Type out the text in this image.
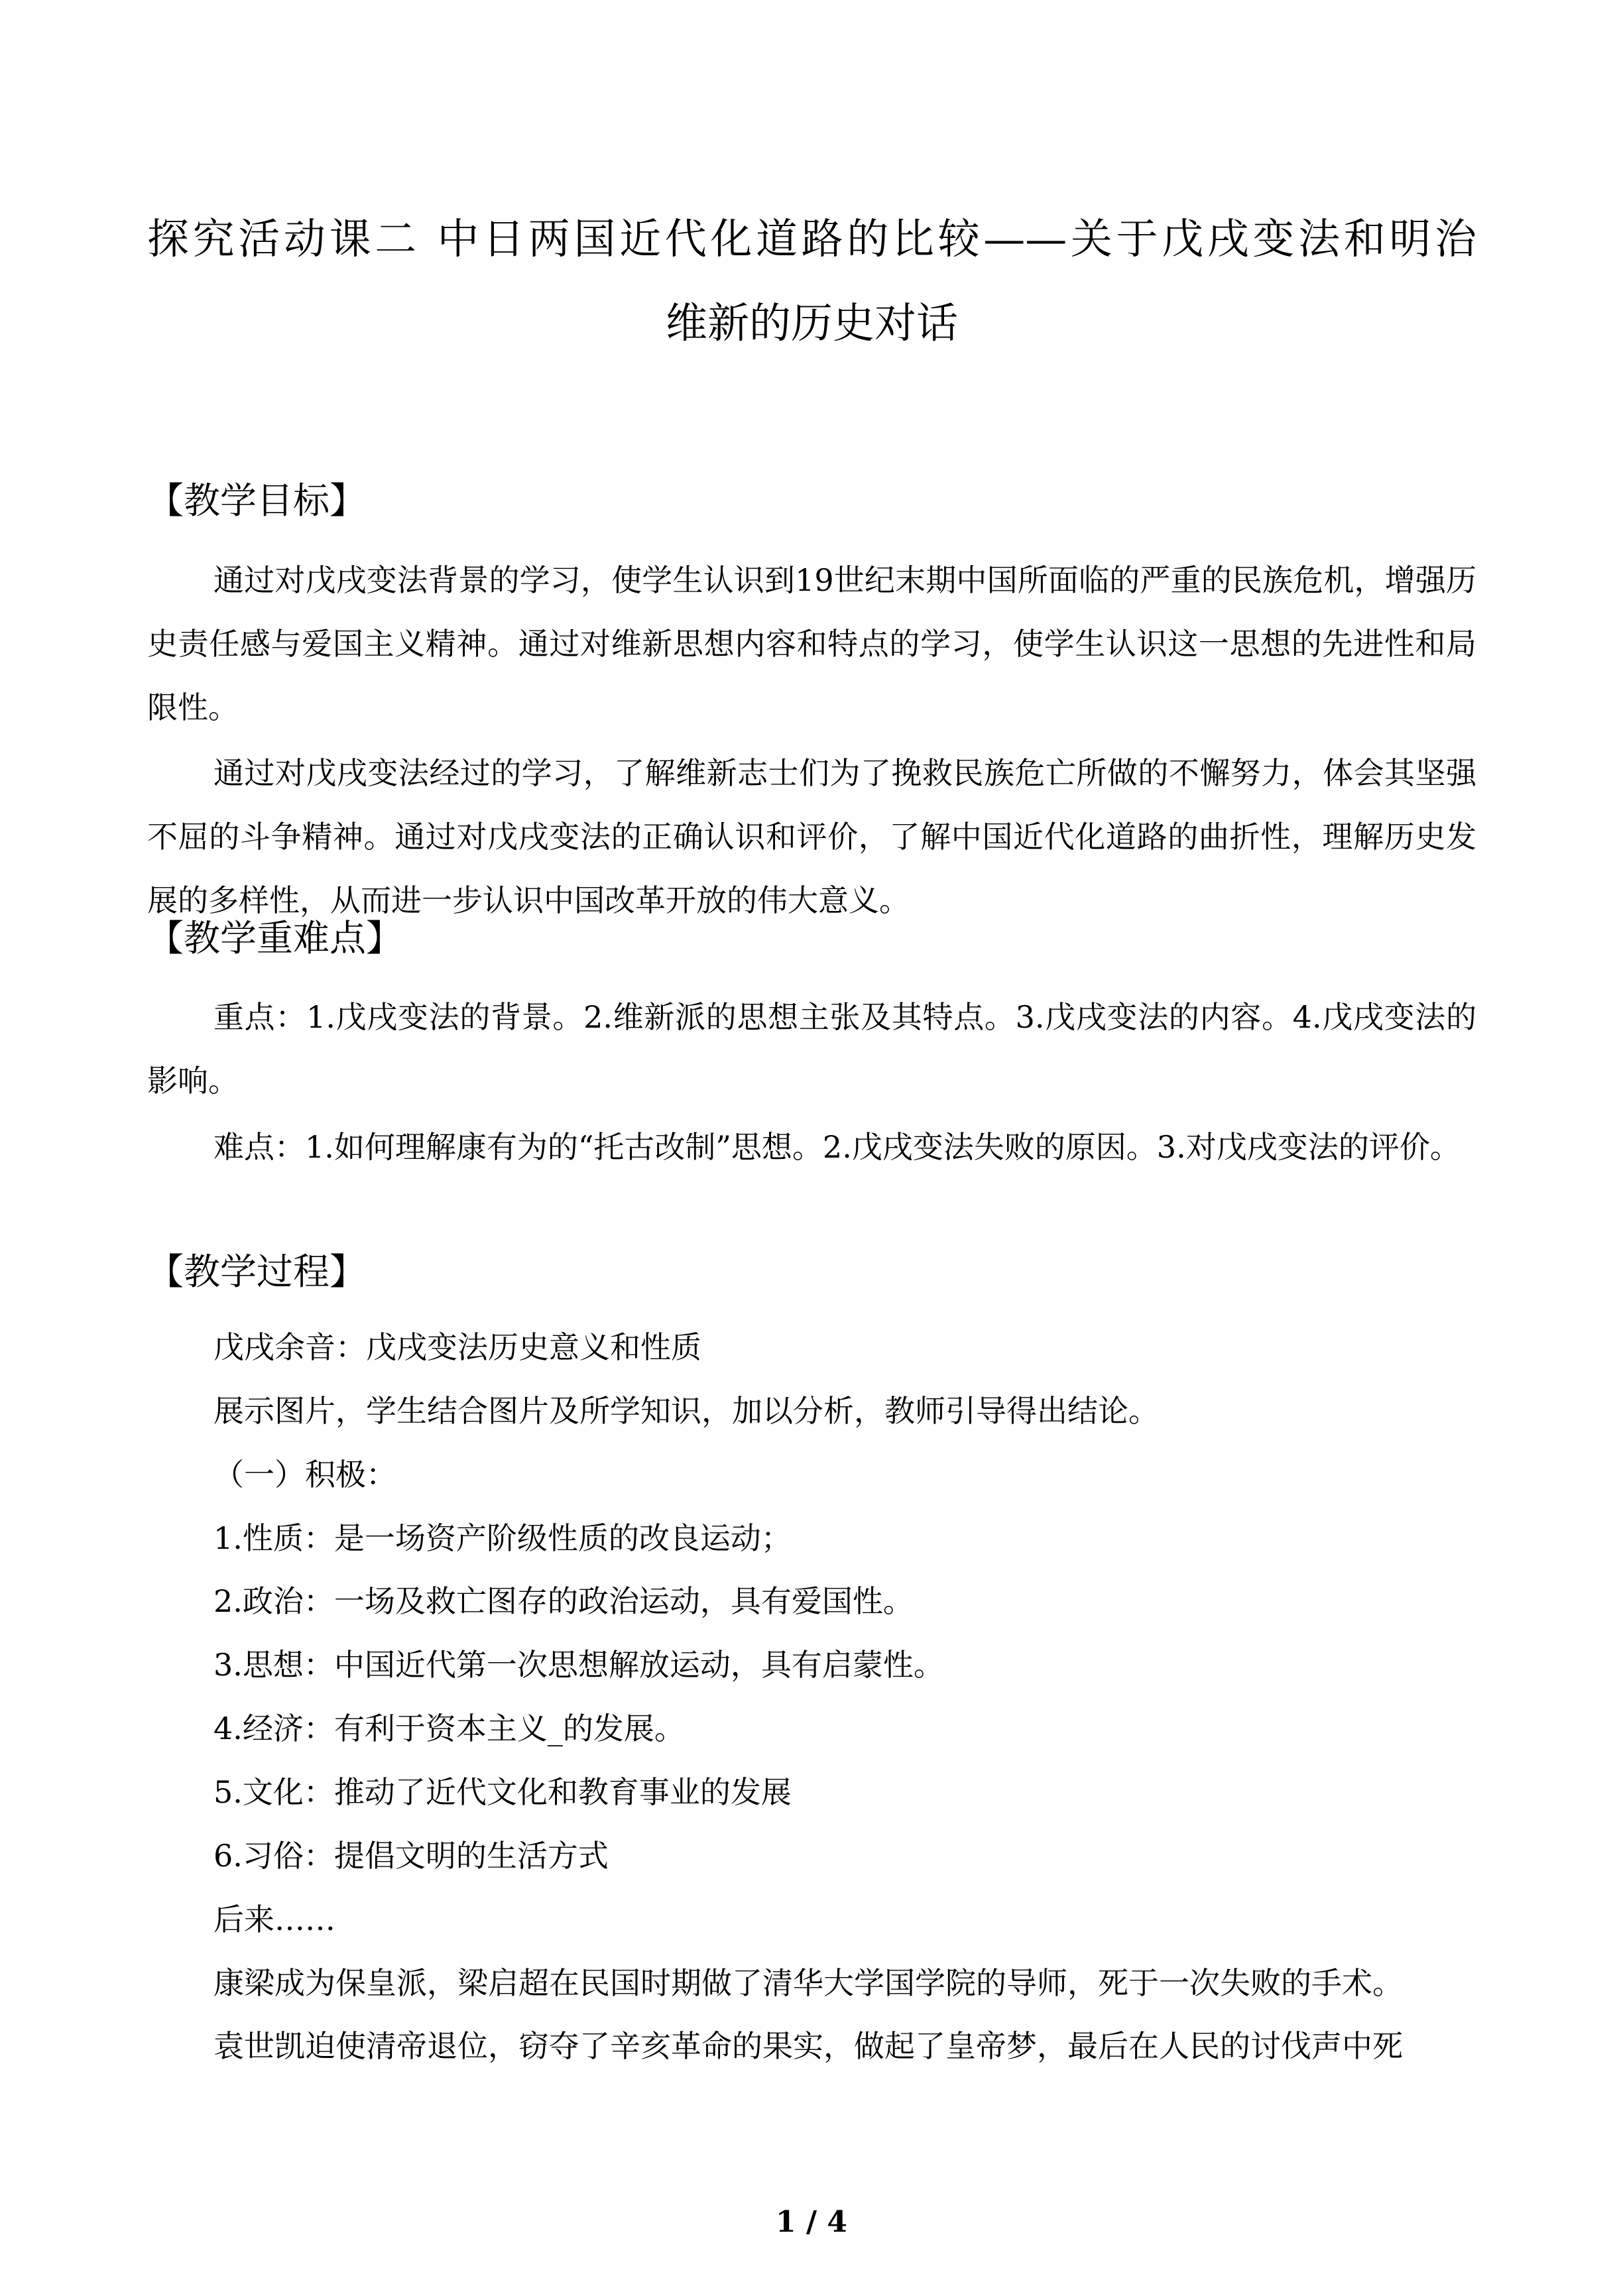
探究活动课二 中日两国近代化道路的比较——关于戊戌变法和明治
维新的历史对话
【教学目标】

通过对戊戌变法背景的学习，使学生认识到19世纪末期中国所面临的严重的民族危机，增强历史责任感与爱国主义精神。通过对维新思想内容和特点的学习，使学生认识这一思想的先进性和局限性。

通过对戊戌变法经过的学习，了解维新志士们为了挽救民族危亡所做的不懈努力，体会其坚强不屈的斗争精神。通过对戊戌变法的正确认识和评价，了解中国近代化道路的曲折性，理解历史发展的多样性，从而进一步认识中国改革开放的伟大意义。

【教学重难点】

重点：1.戊戌变法的背景。2.维新派的思想主张及其特点。3.戊戌变法的内容。4.戊戌变法的影响。

难点：1.如何理解康有为的“托古改制”思想。2.戊戌变法失败的原因。3.对戊戌变法的评价。

【教学过程】
戊戌余音：戊戌变法历史意义和性质
展示图片，学生结合图片及所学知识，加以分析，教师引导得出结论。
（一）积极：
1.性质：是一场资产阶级性质的改良运动；
2.政治：一场及救亡图存的政治运动，具有爱国性。
3.思想：中国近代第一次思想解放运动，具有启蒙性。
4.经济：有利于资本主义_的发展。
5.文化：推动了近代文化和教育事业的发展
6.习俗：提倡文明的生活方式
后来……
康梁成为保皇派，梁启超在民国时期做了清华大学国学院的导师，死于一次失败的手术。
袁世凯迫使清帝退位，窃夺了辛亥革命的果实，做起了皇帝梦，最后在人民的讨伐声中死
1 / 4
